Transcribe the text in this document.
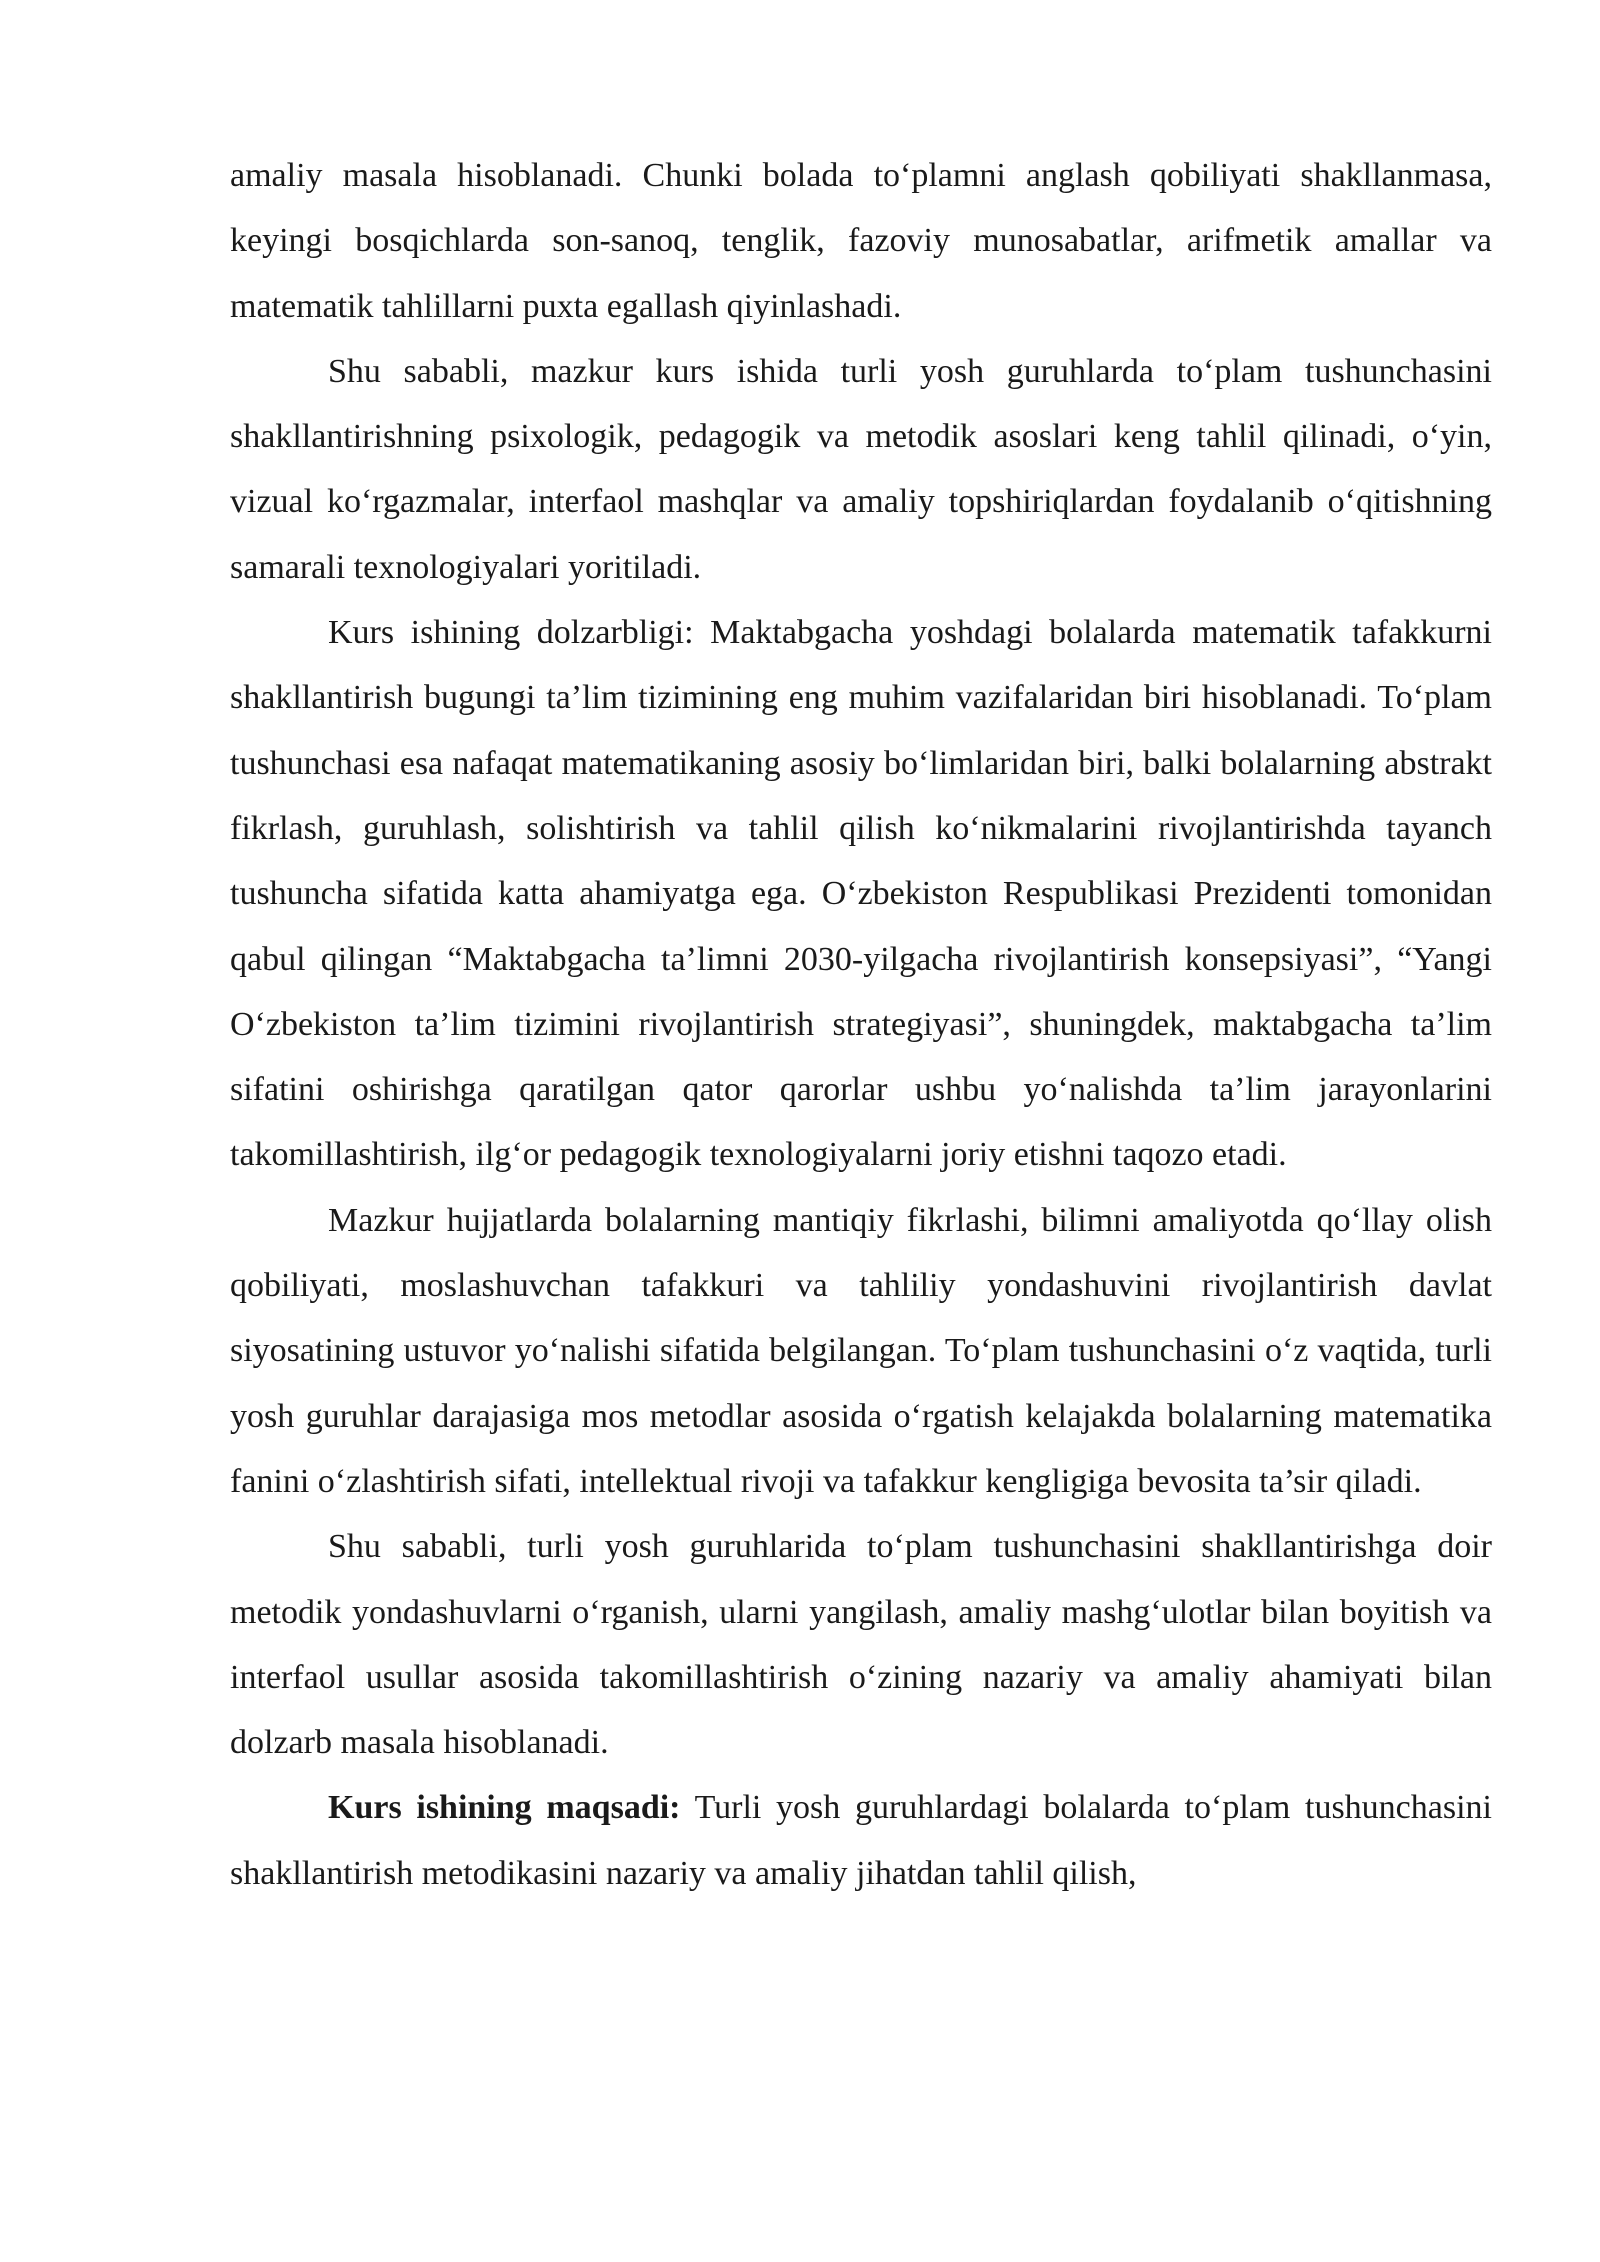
amaliy masala hisoblanadi. Chunki bolada to‘plamni anglash qobiliyati shakllanmasa, keyingi bosqichlarda son-sanoq, tenglik, fazoviy munosabatlar, arifmetik amallar va matematik tahlillarni puxta egallash qiyinlashadi.

Shu sababli, mazkur kurs ishida turli yosh guruhlarda to‘plam tushunchasini shakllantirishning psixologik, pedagogik va metodik asoslari keng tahlil qilinadi, o‘yin, vizual ko‘rgazmalar, interfaol mashqlar va amaliy topshiriqlardan foydalanib o‘qitishning samarali texnologiyalari yoritiladi.

Kurs ishining dolzarbligi: Maktabgacha yoshdagi bolalarda matematik tafakkurni shakllantirish bugungi ta’lim tizimining eng muhim vazifalaridan biri hisoblanadi. To‘plam tushunchasi esa nafaqat matematikaning asosiy bo‘limlaridan biri, balki bolalarning abstrakt fikrlash, guruhlash, solishtirish va tahlil qilish ko‘nikmalarini rivojlantirishda tayanch tushuncha sifatida katta ahamiyatga ega. O‘zbekiston Respublikasi Prezidenti tomonidan qabul qilingan “Maktabgacha ta’limni 2030-yilgacha rivojlantirish konsepsiyasi”, “Yangi O‘zbekiston ta’lim tizimini rivojlantirish strategiyasi”, shuningdek, maktabgacha ta’lim sifatini oshirishga qaratilgan qator qarorlar ushbu yo‘nalishda ta’lim jarayonlarini takomillashtirish, ilg‘or pedagogik texnologiyalarni joriy etishni taqozo etadi.

Mazkur hujjatlarda bolalarning mantiqiy fikrlashi, bilimni amaliyotda qo‘llay olish qobiliyati, moslashuvchan tafakkuri va tahliliy yondashuvini rivojlantirish davlat siyosatining ustuvor yo‘nalishi sifatida belgilangan. To‘plam tushunchasini o‘z vaqtida, turli yosh guruhlar darajasiga mos metodlar asosida o‘rgatish kelajakda bolalarning matematika fanini o‘zlashtirish sifati, intellektual rivoji va tafakkur kengligiga bevosita ta’sir qiladi.

Shu sababli, turli yosh guruhlarida to‘plam tushunchasini shakllantirishga doir metodik yondashuvlarni o‘rganish, ularni yangilash, amaliy mashg‘ulotlar bilan boyitish va interfaol usullar asosida takomillashtirish o‘zining nazariy va amaliy ahamiyati bilan dolzarb masala hisoblanadi.

Kurs ishining maqsadi: Turli yosh guruhlardagi bolalarda to‘plam tushunchasini shakllantirish metodikasini nazariy va amaliy jihatdan tahlil qilish,
